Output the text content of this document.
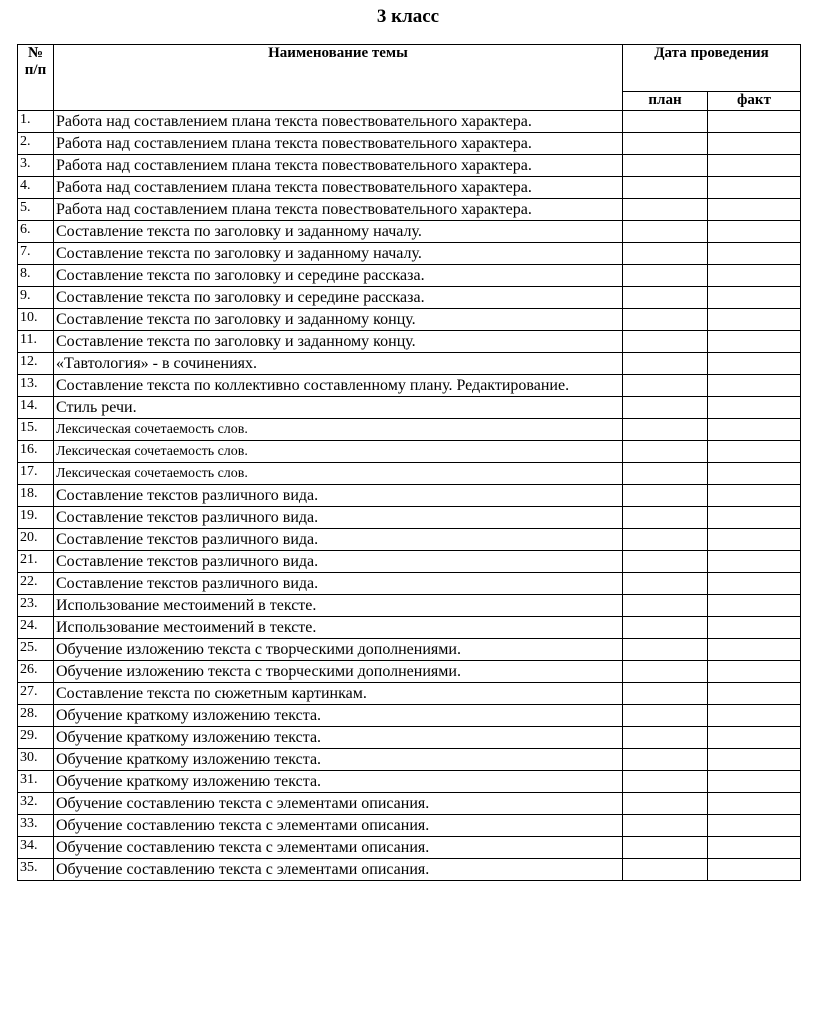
3 класс
№ п/п	Наименование темы	Дата проведения	
		план	факт
1.	Работа над составлением плана текста повествовательного характера.		
2.	Работа над составлением плана текста повествовательного характера.		
3.	Работа над составлением плана текста повествовательного характера.		
4.	Работа над составлением плана текста повествовательного характера.		
5.	Работа над составлением плана текста повествовательного характера.		
6.	Составление текста по заголовку и заданному началу.		
7.	Составление текста по заголовку и заданному началу.		
8.	Составление текста по заголовку и середине рассказа.		
9.	Составление текста по заголовку и середине рассказа.		
10.	Составление текста по заголовку и заданному концу.		
11.	Составление текста по заголовку и заданному концу.		
12.	«Тавтология» - в сочинениях.		
13.	Составление текста по коллективно составленному плану. Редактирование.		
14.	Стиль речи.		
15.	Лексическая сочетаемость слов.		
16.	Лексическая сочетаемость слов.		
17.	Лексическая сочетаемость слов.		
18.	Составление текстов различного вида.		
19.	Составление текстов различного вида.		
20.	Составление текстов различного вида.		
21.	Составление текстов различного вида.		
22.	Составление текстов различного вида.		
23.	Использование местоимений в тексте.		
24.	Использование местоимений в тексте.		
25.	Обучение изложению текста с творческими дополнениями.		
26.	Обучение изложению текста с творческими дополнениями.		
27.	Составление текста по сюжетным картинкам.		
28.	Обучение краткому изложению текста.		
29.	Обучение краткому изложению текста.		
30.	Обучение краткому изложению текста.		
31.	Обучение краткому изложению текста.		
32.	Обучение составлению текста с элементами описания.		
33.	Обучение составлению текста с элементами описания.		
34.	Обучение составлению текста с элементами описания.		
35.	Обучение составлению текста с элементами описания.		
